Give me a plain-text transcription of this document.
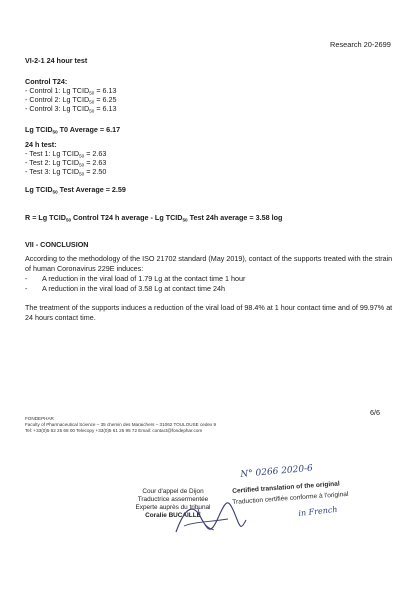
Research 20-2699
VI-2-1 24 hour test
Control T24:
- Control 1: Lg $TCID_{50} = 6.13$
- Control 2: Lg $TCID_{50} = 6.25$
- Control 3: Lg $TCID_{50} = 6.13$
Lg $TCID_{50}$ T0 Average = 6.17
24 h test:
- Test 1: Lg $TCID_{50} = 2.63$
- Test 2: Lg $TCID_{50} = 2.63$
- Test 3: Lg $TCID_{50} = 2.50$
Lg $TCID_{50}$ Test Average = 2.59
R = Lg $TCID_{50}$ Control T24 h average - Lg $TCID_{50}$ Test 24h average = 3.58 log
VII - CONCLUSION
According to the methodology of the ISO 21702 standard (May 2019), contact of the supports treated with the strain of human Coronavirus 229E induces:
-	A reduction in the viral load of 1.79 Lg at the contact time 1 hour
-	A reduction in the viral load of 3.58 Lg at contact time 24h
The treatment of the supports induces a reduction of the viral load of 98.4% at 1 hour contact time and of 99.97% at 24 hours contact time.
6/6
FONDEPHAR
Faculty of Pharmaceutical Science – 35 chemin des Maraichers – 31062 TOULOUSE cedex 9
Tel: +33(0)5 62 25 68 00 Telecopy +33(0)5 61 25 95 72 Email: contact@fondephar.com
Cour d'appel de Dijon
Traductrice assermentée
Experte auprès du tribunal
Coralie BUCAILLE
N° 0266 2020-6
Certified translation of the original
Traduction certifiée conforme à l'original
in French
